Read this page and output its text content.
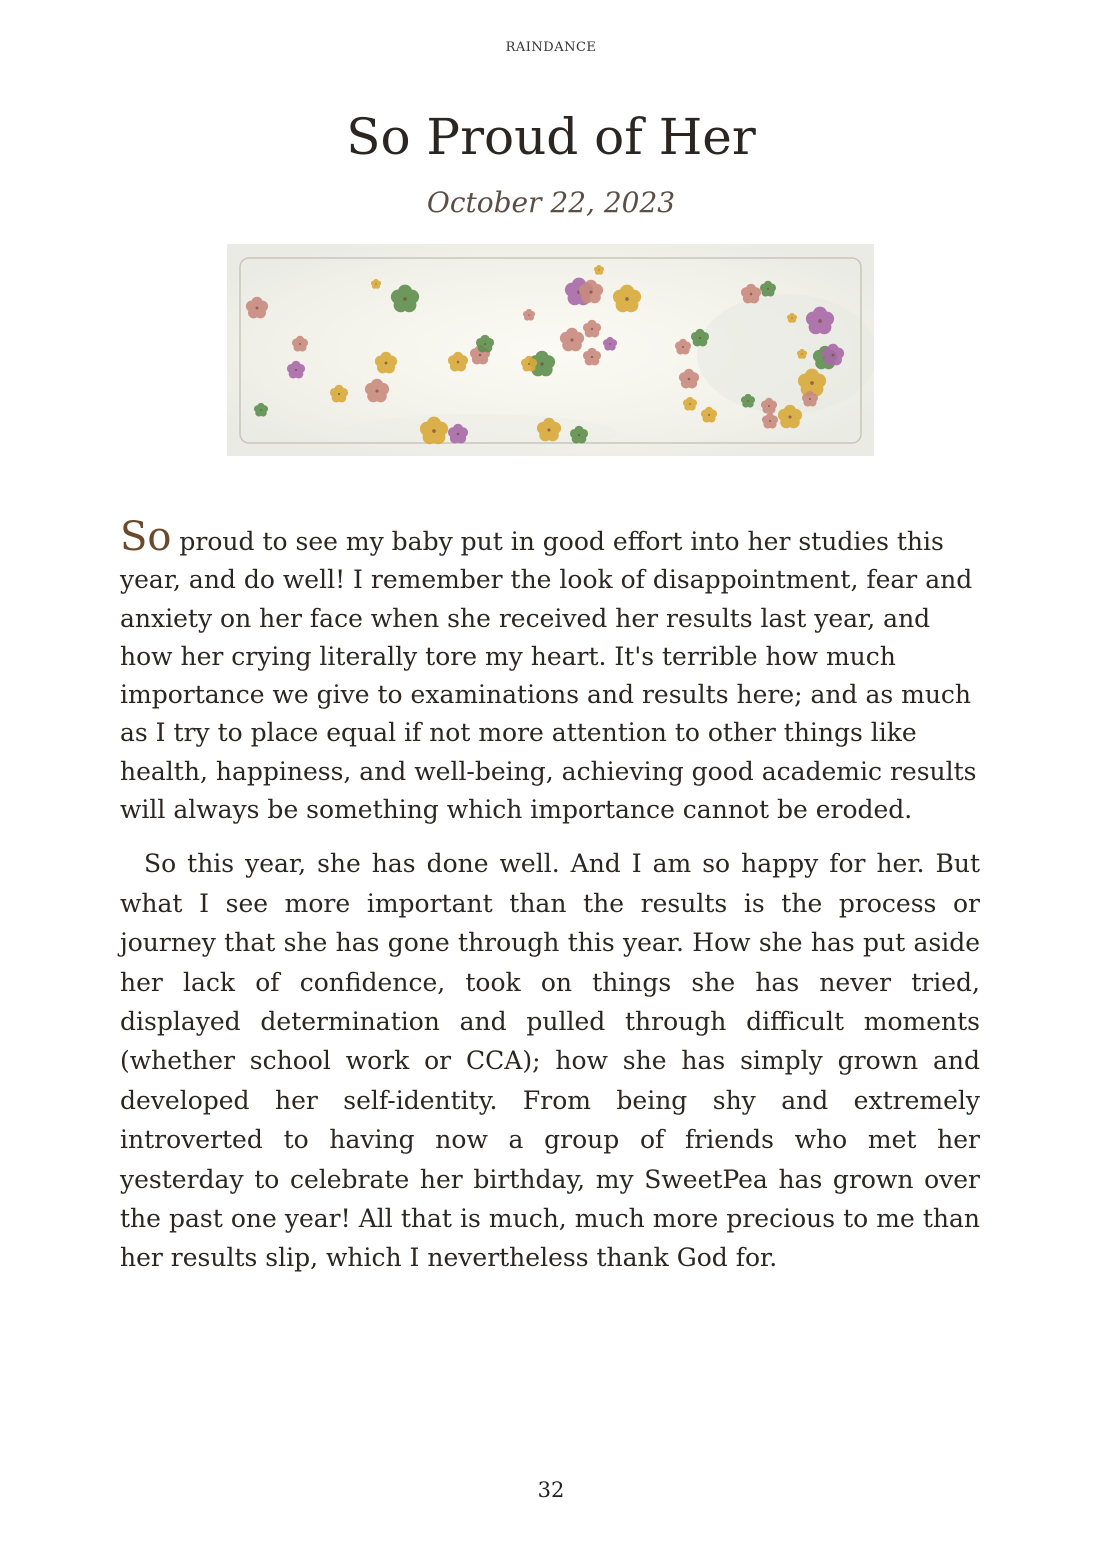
RAINDANCE
So Proud of Her
October 22, 2023

So proud to see my baby put in good effort into her studies this year, and do well! I remember the look of disappointment, fear and anxiety on her face when she received her results last year, and how her crying literally tore my heart. It's terrible how much importance we give to examinations and results here; and as much as I try to place equal if not more attention to other things like health, happiness, and well-being, achieving good academic results will always be something which importance cannot be eroded.

So this year, she has done well. And I am so happy for her. But what I see more important than the results is the process or journey that she has gone through this year. How she has put aside her lack of confidence, took on things she has never tried, displayed determination and pulled through difficult moments (whether school work or CCA); how she has simply grown and developed her self-identity. From being shy and extremely introverted to having now a group of friends who met her yesterday to celebrate her birthday, my SweetPea has grown over the past one year! All that is much, much more precious to me than her results slip, which I nevertheless thank God for.

32
